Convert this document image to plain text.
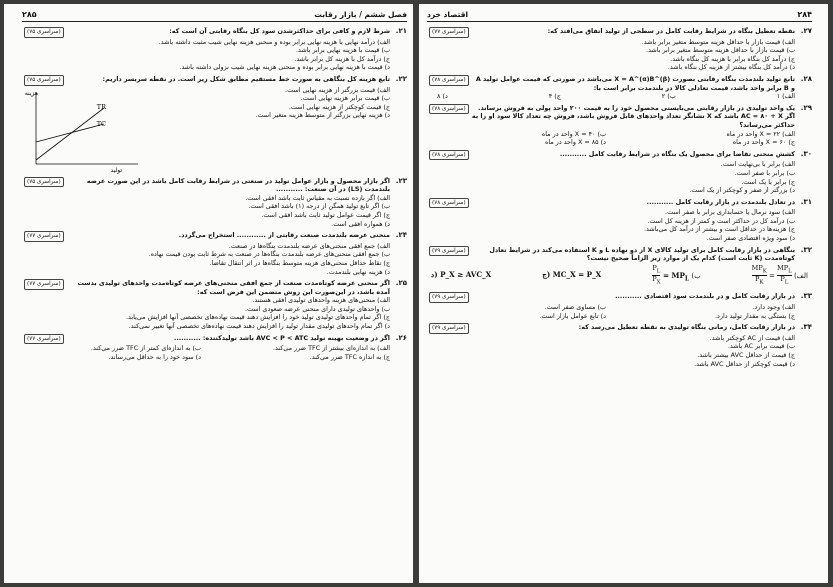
فصل ششم / بازار رقابت
۲۸۵
۲۱.
شرط لازم و کافی برای حداکثرشدن سود کل بنگاه رقابتی آن است که:
(سراسری ۷۵)
الف) درآمد نهایی با هزینه نهایی برابر بوده و منحنی هزینه نهایی شیب مثبت داشته باشد.
ب) قیمت با هزینه نهایی برابر باشد.
ج) درآمد کل با هزینه کل برابر باشد.
د) قیمت با هزینه نهایی برابر بوده و منحنی هزینه نهایی شیب نزولی داشته باشد.
۲۲.
تابع هزینه کل بنگاهی به صورت خط مستقیم مطابق شکل زیر است. در نقطه سربسر داریم:
(سراسری ۷۵)
الف) قیمت بزرگتر از هزینه نهایی است.
ب) قیمت برابر هزینه نهایی است.
ج) قیمت کوچکتر از هزینه نهایی است.
د) هزینه نهایی بزرگتر از متوسط هزینه متغیر است.
TR
TC
هزینه
تولید
۲۳.
اگر بازار محصول و بازار عوامل تولید در صنعتی در شرایط رقابت کامل باشد در این صورت عرضه بلندمدت (LS) در آن صنعت: ...........
(سراسری ۷۵)
الف) اگر بازده نسبت به مقیاس ثابت باشد افقی است.
ب) اگر تابع تولید همگن از درجه (۱) باشد افقی است.
ج) اگر قیمت عوامل تولید ثابت باشد افقی است.
د) همواره افقی است.
۲۴.
منحنی عرضه بلندمدت صنعت رقابتی از ............ استخراج می‌گردد.
(سراسری ۷۷)
الف) جمع افقی منحنی‌های عرضه بلندمدت بنگاه‌ها در صنعت.
ب) جمع افقی منحنی‌های عرضه بلندمدت بنگاه‌ها در صنعت به شرط ثابت بودن قیمت نهاده.
ج) نقاط حداقل منحنی‌های هزینه متوسط بنگاه‌ها در اثر انتقال تقاضا.
د) هزینه نهایی بلندمدت.
۲۵.
اگر منحنی عرضه کوتاه‌مدت صنعت از جمع افقی منحنی‌های عرضه کوتاه‌مدت واحدهای تولیدی بدست آمده باشد، در این‌صورت این روش متضمن این فرض است که:
(سراسری ۷۷)
الف) منحنی‌های هزینه واحدهای تولیدی افقی هستند.
ب) واحدهای تولیدی دارای منحنی عرضه صعودی است.
ج) اگر تمام واحدهای تولیدی تولید خود را افزایش دهند قیمت نهاده‌های تخصصی آنها افزایش می‌یابد.
د) اگر تمام واحدهای تولیدی مقدار تولید را افزایش دهند قیمت نهاده‌های تخصصی آنها تغییر نمی‌کند.
۲۶.
اگر در وضعیت بهینه تولید AVC < P < ATC باشد تولیدکننده: ...........
(سراسری ۷۷)
الف) به اندازه‌ای بیشتر از TFC ضرر می‌کند.
ب) به اندازه‌ای کمتر از TFC ضرر می‌کند.
ج) به اندازه TFC ضرر می‌کند.
د) سود خود را به حداقل می‌رساند.
۲۸۴
اقتصاد خرد
۲۷.
نقطه تعطیل بنگاه در شرایط رقابت کامل در سطحی از تولید اتفاق می‌افتد که:
(سراسری ۷۷)
الف) قیمت بازار با حداقل هزینه متوسط متغیر برابر باشد.
ب) قیمت بازار با حداقل هزینه متوسط متغیر برابر باشد.
ج) درآمد کل بنگاه برابر با هزینه کل بنگاه باشد.
د) درآمد کل بنگاه بیشتر از هزینه کل بنگاه باشد.
۲۸.
تابع تولید بلندمدت بنگاه رقابتی بصورت X = A^(α)B^(β) می‌باشد در صورتی که قیمت عوامل تولید A و B برابر واحد باشد، قیمت تعادلی کالا در بلندمدت برابر است با:
(سراسری ۷۸)
الف) ۱
ب) ۲
ج) ۴
د) ۸
۲۹.
یک واحد تولیدی در بازار رقابتی می‌بایستی محصول خود را به قیمت ۲۰۰ واحد پولی به فروش برساند. اگر AC = ۸۰ + X باشد که X نشانگر تعداد واحدهای قابل فروش باشد، فروش چه تعداد کالا سود او را به حداکثر می‌رساند؟
(سراسری ۷۸)
الف) X = ۲۲ واحد در ماه
ب) X = ۴۰ واحد در ماه
ج) X = ۶۰ واحد در ماه
د) X = ۸۵ واحد در ماه
۳۰.
کشش منحنی تقاضا برای محصول یک بنگاه در شرایط رقابت کامل ...........
(سراسری ۷۸)
الف) برابر با بی‌نهایت است.
ب) برابر با صفر است.
ج) برابر با یک است.
د) بزرگتر از صفر و کوچکتر از یک است.
۳۱.
در تعادل بلندمدت در بازار رقابت کامل ...........
(سراسری ۷۸)
الف) سود نرمال یا حسابداری برابر با صفر است.
ب) درآمد کل در حداکثر است و کمتر از هزینه کل است.
ج) هزینه‌ها در حداقل است و بیشتر از درآمد کل می‌باشد.
د) سود ویژه اقتصادی صفر است.
۳۲.
بنگاهی در بازار رقابت کامل برای تولید کالای X از دو نهاده L و K استفاده می‌کند در شرایط تعادل کوتاه‌مدت (K ثابت است) کدام یک از موارد زیر الزاماً صحیح نیست؟
(سراسری ۷۹)
الف)
$\frac{MP_L}{P_L}$
=
$\frac{MP_K}{P_K}$
ب) $MP_L$ =
$\frac{P_L}{P_X}$
ج) MC_X = P_X
د) P_X ≥ AVC_X
۳۳.
در بازار رقابت کامل و در بلندمدت سود اقتصادی ...........
(سراسری ۷۹)
الف) وجود دارد.
ب) مساوی صفر است.
ج) بستگی به مقدار تولید دارد.
د) تابع عوامل بازار است.
۳۴.
در بازار رقابت کامل، زمانی بنگاه تولیدی به نقطه تعطیل می‌رسد که:
(سراسری ۷۹)
الف) قیمت از AC کوچکتر باشد.
ب) قیمت برابر AC باشد.
ج) قیمت از حداقل AVC بیشتر باشد.
د) قیمت کوچکتر از حداقل AVC باشد.
